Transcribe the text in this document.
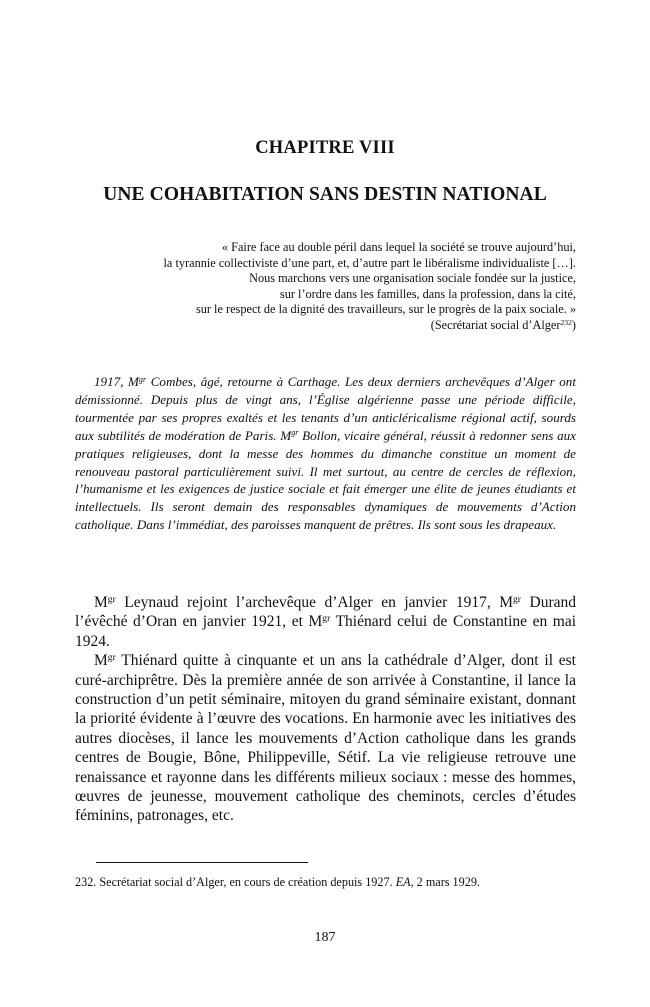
CHAPITRE VIII
UNE COHABITATION SANS DESTIN NATIONAL
« Faire face au double péril dans lequel la société se trouve aujourd’hui,
la tyrannie collectiviste d’une part, et, d’autre part le libéralisme individualiste […].
Nous marchons vers une organisation sociale fondée sur la justice,
sur l’ordre dans les familles, dans la profession, dans la cité,
sur le respect de la dignité des travailleurs, sur le progrès de la paix sociale. »
(Secrétariat social d’Alger$^{232}$)

1917, $M^{gr}$ Combes, âgé, retourne à Carthage. Les deux derniers archevêques d’Alger ont démissionné. Depuis plus de vingt ans, l’Église algérienne passe une période difficile, tourmentée par ses propres exaltés et les tenants d’un anticléricalisme régional actif, sourds aux subtilités de modération de Paris. $M^{gr}$ Bollon, vicaire général, réussit à redonner sens aux pratiques religieuses, dont la messe des hommes du dimanche constitue un moment de renouveau pastoral particulièrement suivi. Il met surtout, au centre de cercles de réflexion, l’humanisme et les exigences de justice sociale et fait émerger une élite de jeunes étudiants et intellectuels. Ils seront demain des responsables dynamiques de mouvements d’Action catholique. Dans l’immédiat, des paroisses manquent de prêtres. Ils sont sous les drapeaux.

$M^{gr}$ Leynaud rejoint l’archevêque d’Alger en janvier 1917, $M^{gr}$ Durand l’évêché d’Oran en janvier 1921, et $M^{gr}$ Thiénard celui de Constantine en mai 1924.

$M^{gr}$ Thiénard quitte à cinquante et un ans la cathédrale d’Alger, dont il est curé-archiprêtre. Dès la première année de son arrivée à Constantine, il lance la construction d’un petit séminaire, mitoyen du grand séminaire existant, donnant la priorité évidente à l’œuvre des vocations. En harmonie avec les initiatives des autres diocèses, il lance les mouvements d’Action catholique dans les grands centres de Bougie, Bône, Philippeville, Sétif. La vie religieuse retrouve une renaissance et rayonne dans les différents milieux sociaux : messe des hommes, œuvres de jeunesse, mouvement catholique des cheminots, cercles d’études féminins, patronages, etc.

232. Secrétariat social d’Alger, en cours de création depuis 1927. EA, 2 mars 1929.
187
